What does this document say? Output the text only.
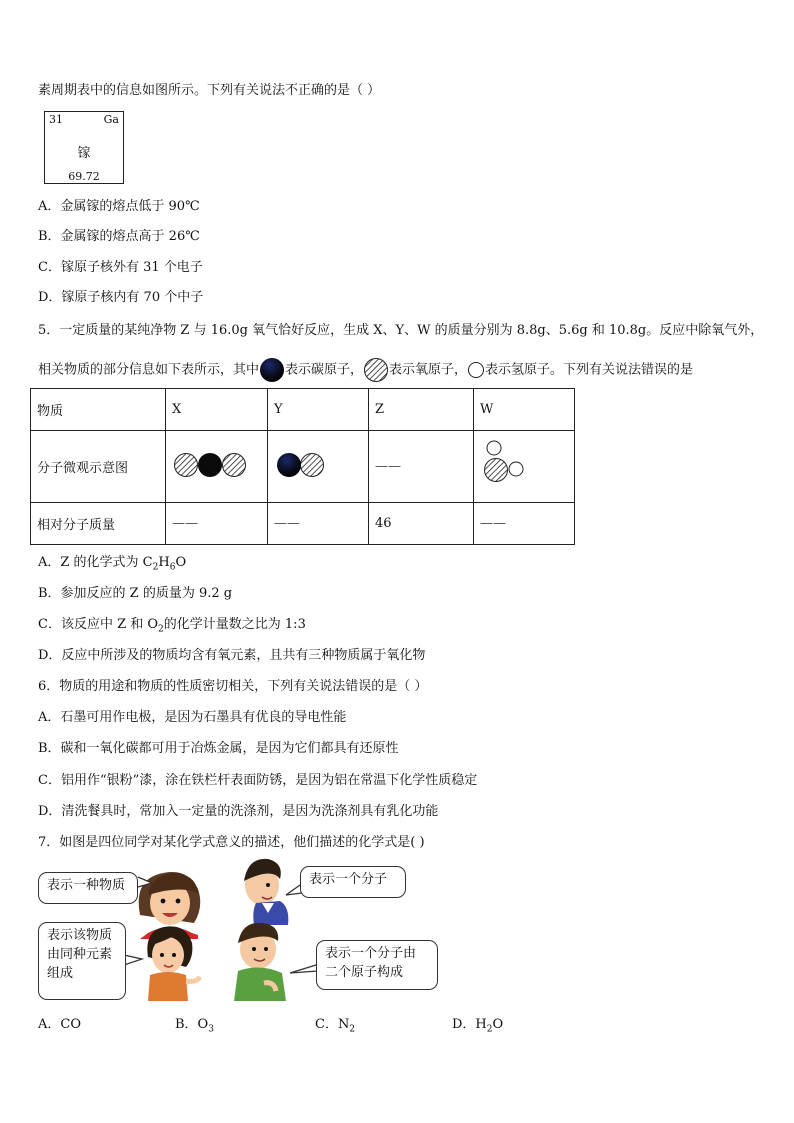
素周期表中的信息如图所示。下列有关说法不正确的是（ ）
31	Ga
镓
69.72
A．金属镓的熔点低于 90℃
B．金属镓的熔点高于 26℃
C．镓原子核外有 31 个电子
D．镓原子核内有 70 个中子
5．一定质量的某纯净物 Z 与 16.0g 氧气恰好反应，生成 X、Y、W 的质量分别为 8.8g、5.6g 和 10.8g。反应中除氧气外，
相关物质的部分信息如下表所示，其中 表示碳原子， 表示氧原子， 表示氢原子。下列有关说法错误的是
物质	X	Y	Z	W
分子微观示意图			——	
相对分子质量	——	——	46	——
A．Z 的化学式为 $C_2H_6O$
B．参加反应的 Z 的质量为 9.2 g
C．该反应中 Z 和 $O_2$的化学计量数之比为 1:3
D．反应中所涉及的物质均含有氧元素，且共有三种物质属于氧化物
6．物质的用途和物质的性质密切相关，下列有关说法错误的是（ ）
A．石墨可用作电极，是因为石墨具有优良的导电性能
B．碳和一氧化碳都可用于冶炼金属，是因为它们都具有还原性
C．铝用作“银粉”漆，涂在铁栏杆表面防锈，是因为铝在常温下化学性质稳定
D．清洗餐具时，常加入一定量的洗涤剂，是因为洗涤剂具有乳化功能
7．如图是四位同学对某化学式意义的描述，他们描述的化学式是( )
表示一种物质	表示一个分子
表示该物质
由同种元素
组成
表示一个分子由
二个原子构成
A．CO	B．$O_3$	C．$N_2$	D．$H_2O$
